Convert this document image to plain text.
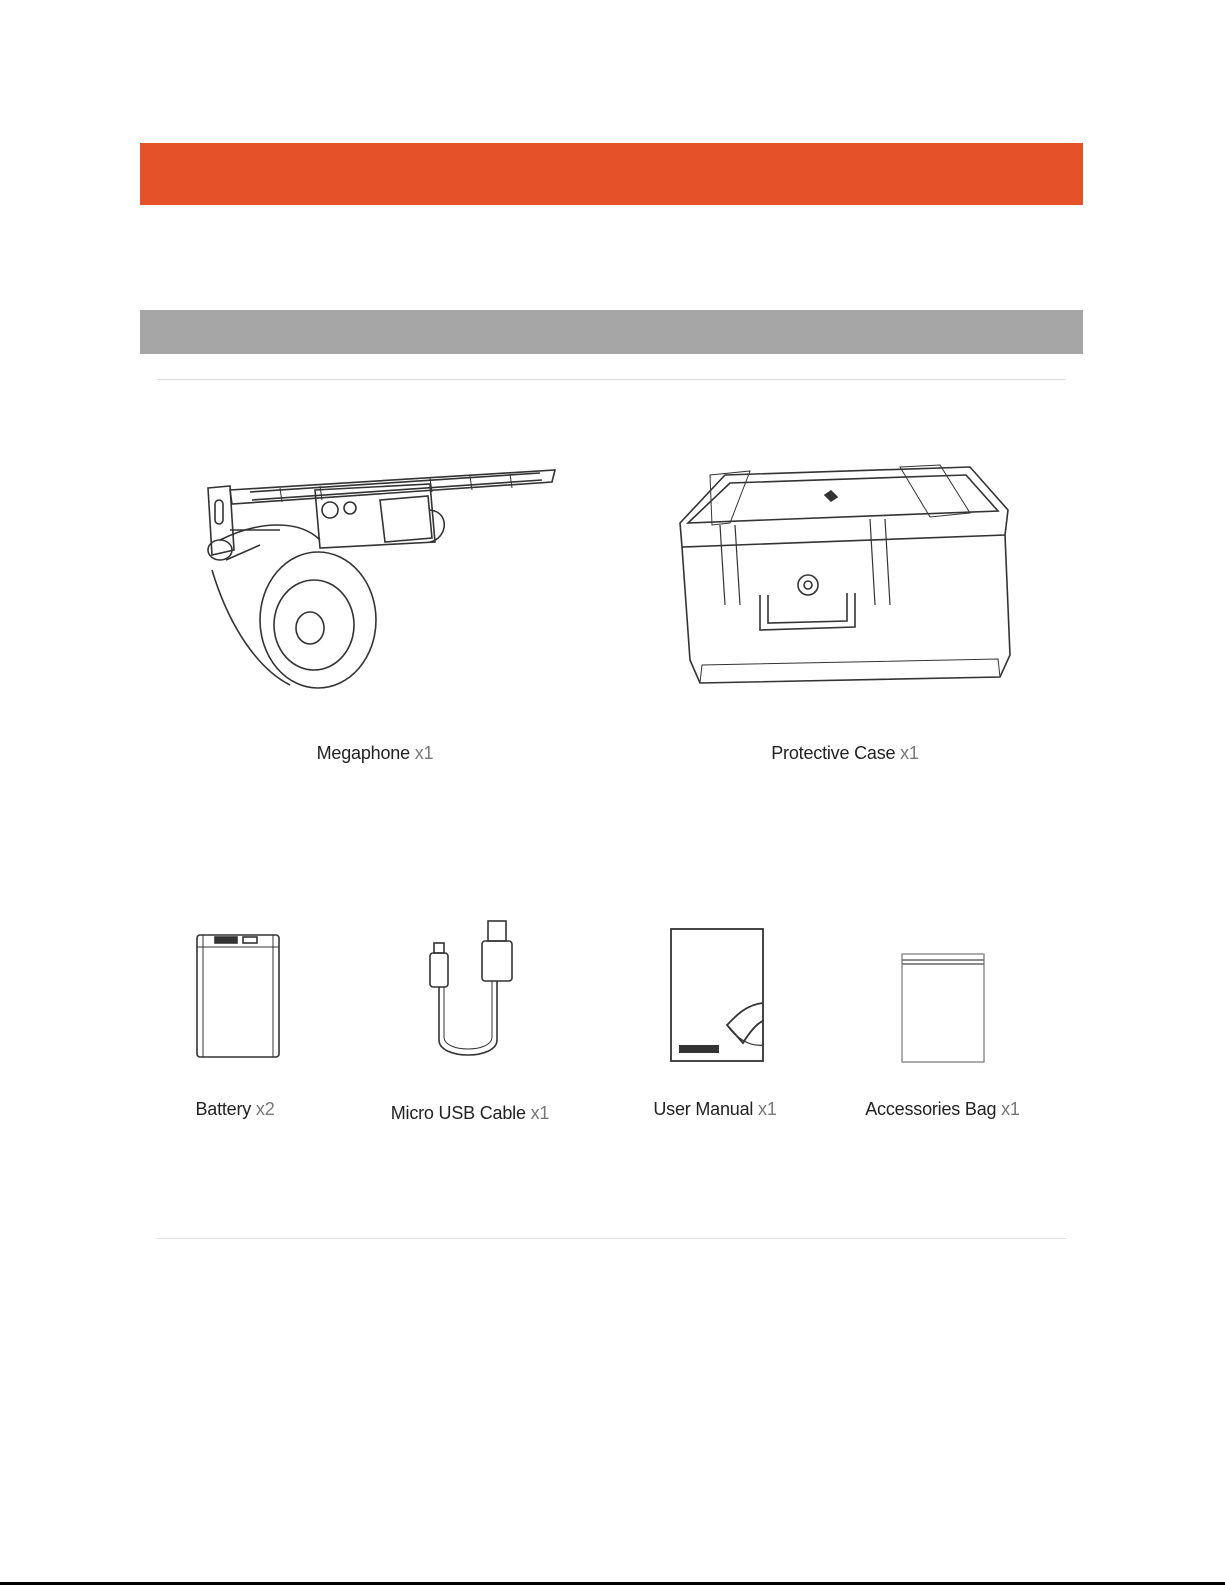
Megaphone x1	Protective Case x1
Battery x2	Micro USB Cable x1	User Manual x1	Accessories Bag x1
